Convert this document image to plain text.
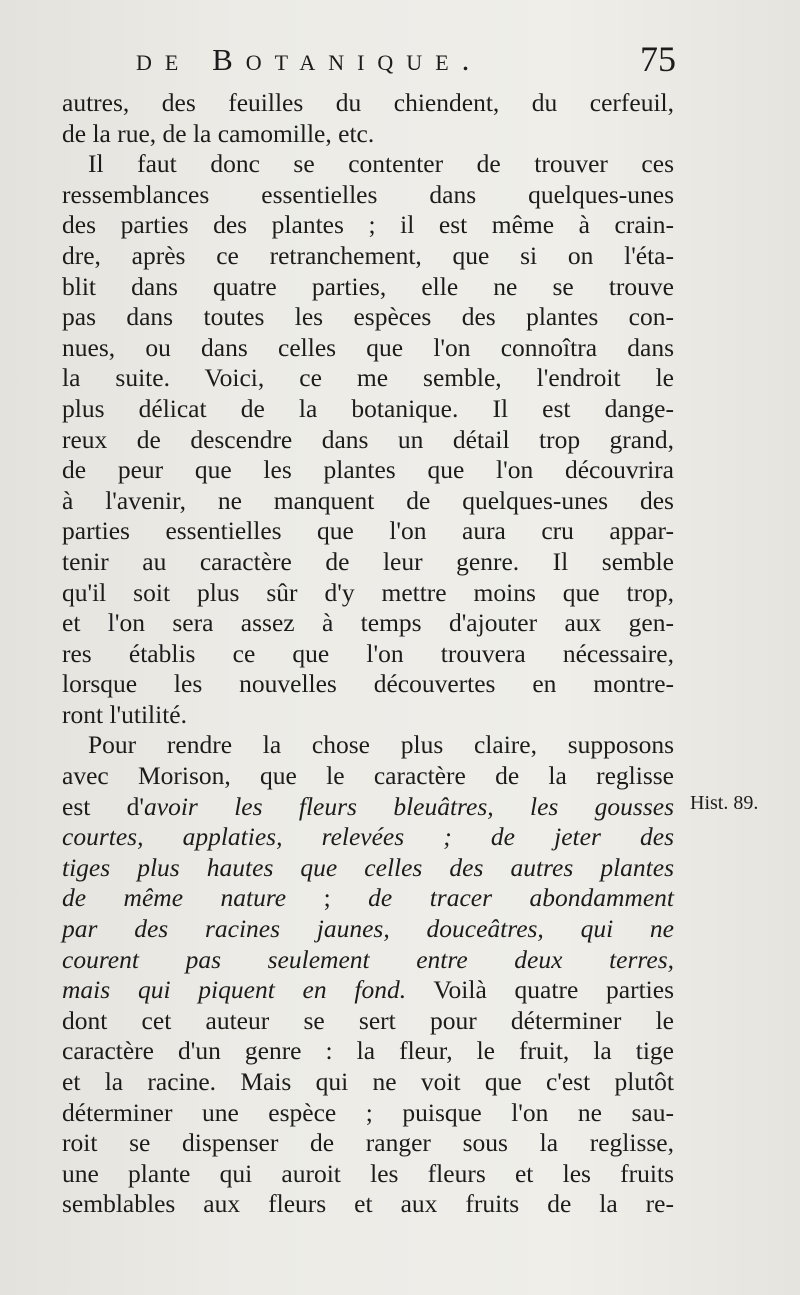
de Botanique.	75
autres, des feuilles du chiendent, du cerfeuil,
de la rue, de la camomille, etc.
Il faut donc se contenter de trouver ces
ressemblances essentielles dans quelques-unes
des parties des plantes ; il est même à crain-
dre, après ce retranchement, que si on l'éta-
blit dans quatre parties, elle ne se trouve
pas dans toutes les espèces des plantes con-
nues, ou dans celles que l'on connoîtra dans
la suite. Voici, ce me semble, l'endroit le
plus délicat de la botanique. Il est dange-
reux de descendre dans un détail trop grand,
de peur que les plantes que l'on découvrira
à l'avenir, ne manquent de quelques-unes des
parties essentielles que l'on aura cru appar-
tenir au caractère de leur genre. Il semble
qu'il soit plus sûr d'y mettre moins que trop,
et l'on sera assez à temps d'ajouter aux gen-
res établis ce que l'on trouvera nécessaire,
lorsque les nouvelles découvertes en montre-
ront l'utilité.
Pour rendre la chose plus claire, supposons
avec Morison, que le caractère de la reglisse
est d'avoir les fleurs bleuâtres, les gousses
courtes, applaties, relevées ; de jeter des
tiges plus hautes que celles des autres plantes
de même nature ; de tracer abondamment
par des racines jaunes, douceâtres, qui ne
courent pas seulement entre deux terres,
mais qui piquent en fond. Voilà quatre parties
dont cet auteur se sert pour déterminer le
caractère d'un genre : la fleur, le fruit, la tige
et la racine. Mais qui ne voit que c'est plutôt
déterminer une espèce ; puisque l'on ne sau-
roit se dispenser de ranger sous la reglisse,
une plante qui auroit les fleurs et les fruits
semblables aux fleurs et aux fruits de la re-
Hist. 89.
